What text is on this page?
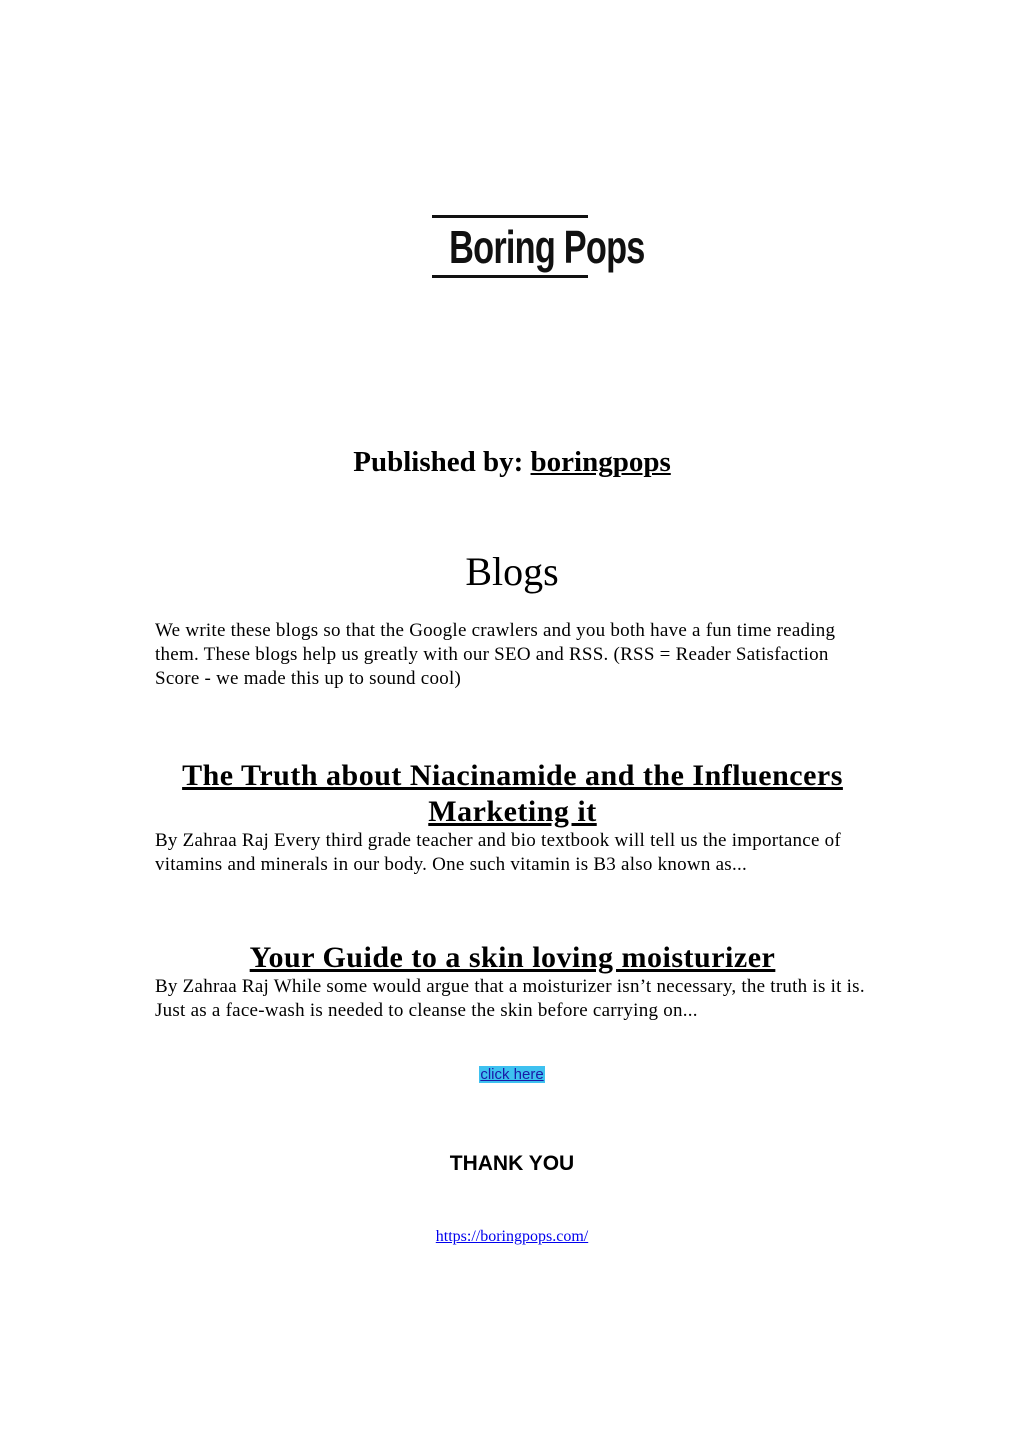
Boring Pops
Published by: boringpops
Blogs

We write these blogs so that the Google crawlers and you both have a fun time reading them. These blogs help us greatly with our SEO and RSS. (RSS = Reader Satisfaction Score - we made this up to sound cool)

The Truth about Niacinamide and the Influencers Marketing it

By Zahraa Raj Every third grade teacher and bio textbook will tell us the importance of vitamins and minerals in our body. One such vitamin is B3 also known as...

Your Guide to a skin loving moisturizer

By Zahraa Raj While some would argue that a moisturizer isn’t necessary, the truth is it is. Just as a face-wash is needed to cleanse the skin before carrying on...

click here
THANK YOU
https://boringpops.com/
